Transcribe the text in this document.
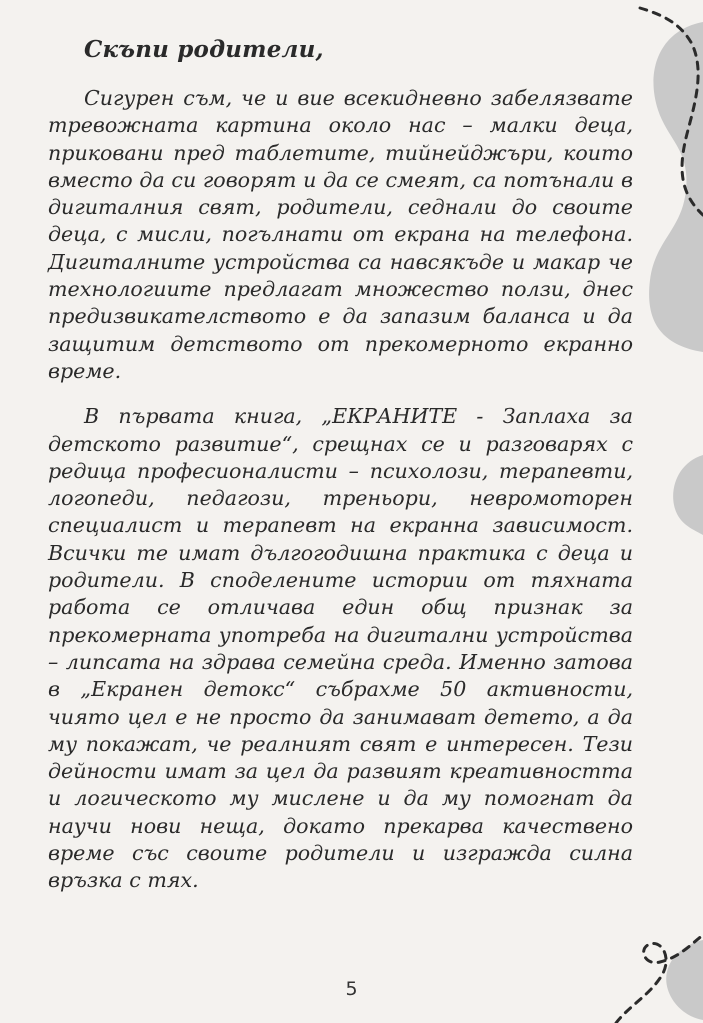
Скъпи родители,

Сигурен съм, че и вие всекидневно забелязвате тревожната картина около нас – малки деца, приковани пред таблетите, тийнейджъри, които вместо да си говорят и да се смеят, са потънали в дигиталния свят, родители, седнали до своите деца, с мисли, погълнати от екрана на телефона. Дигиталните устройства са навсякъде и макар че технологиите предлагат множество ползи, днес предизвикателството е да запазим баланса и да защитим детството от прекомерното екранно време.

В първата книга, „ЕКРАНИТЕ - Заплаха за детското развитие“, срещнах се и разговарях с редица професионалисти – психолози, терапевти, логопеди, педагози, треньори, невромоторен специалист и терапевт на екранна зависимост. Всички те имат дългогодишна практика с деца и родители. В споделените истории от тяхната работа се отличава един общ признак за прекомерната употреба на дигитални устройства – липсата на здрава семейна среда. Именно затова в „Екранен детокс“ събрахме 50 активности, чиято цел е не просто да занимават детето, а да му покажат, че реалният свят е интересен. Тези дейности имат за цел да развият креативността и логическото му мислене и да му помогнат да научи нови неща, докато прекарва качествено време със своите родители и изгражда силна връзка с тях.

5
